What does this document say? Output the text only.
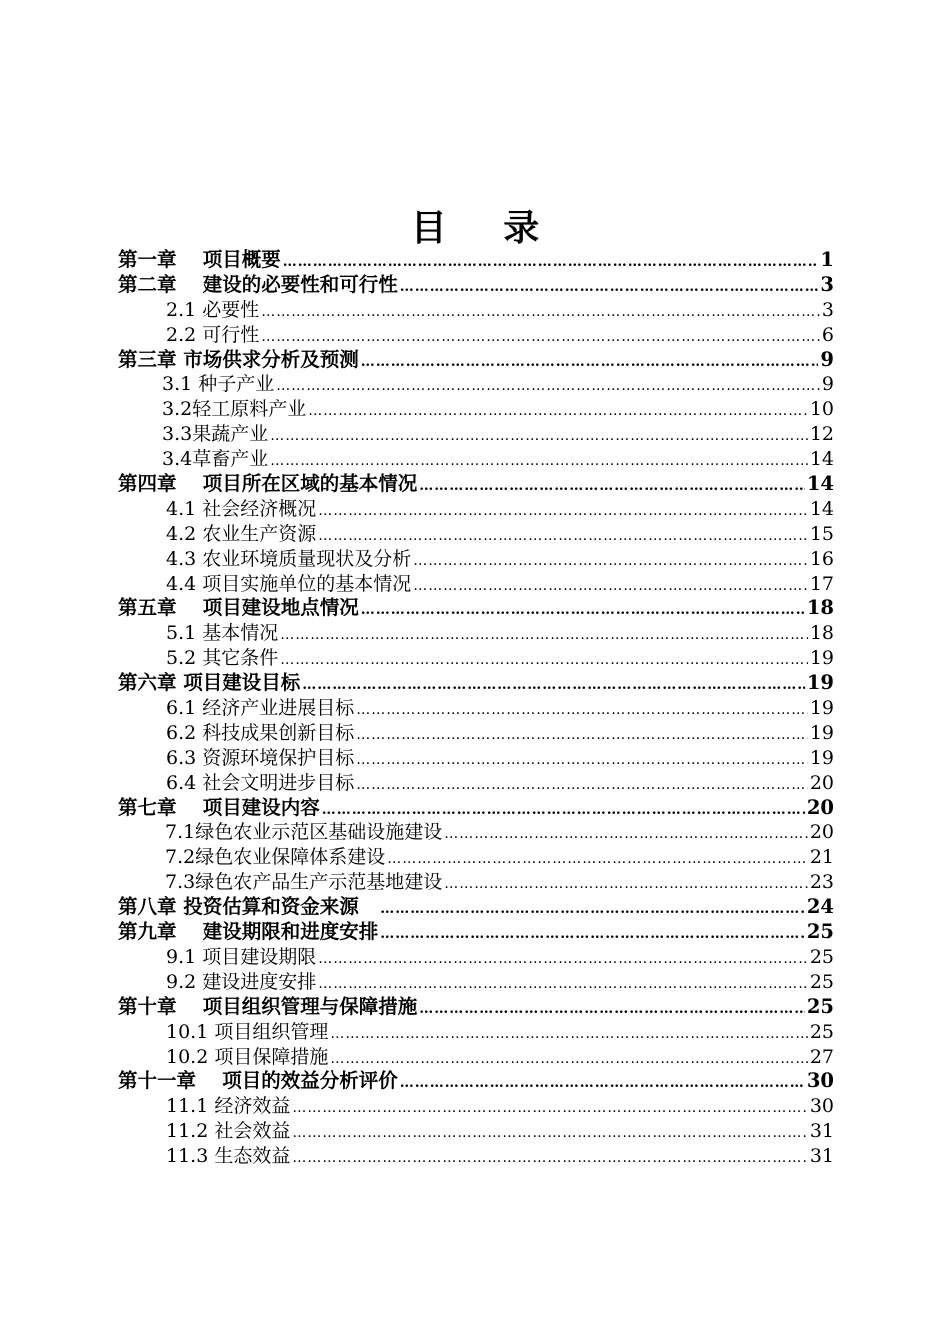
目 录
第一章　 项目概要 …………………………………………………………………………………………………………………………………………………………	1
第二章　 建设的必要性和可行性 …………………………………………………………………………………………………………………………………………………………	3
2.1 必要性 …………………………………………………………………………………………………………………………………………………………	3
2.2 可行性 …………………………………………………………………………………………………………………………………………………………	6
第三章 市场供求分析及预测 …………………………………………………………………………………………………………………………………………………………	9
3.1 种子产业 …………………………………………………………………………………………………………………………………………………………	9
3.2轻工原料产业 …………………………………………………………………………………………………………………………………………………………	10
3.3果蔬产业 …………………………………………………………………………………………………………………………………………………………	12
3.4草畜产业 …………………………………………………………………………………………………………………………………………………………	14
第四章　 项目所在区域的基本情况 …………………………………………………………………………………………………………………………………………………………	14
4.1 社会经济概况 …………………………………………………………………………………………………………………………………………………………	14
4.2 农业生产资源 …………………………………………………………………………………………………………………………………………………………	15
4.3 农业环境质量现状及分析 …………………………………………………………………………………………………………………………………………………………	16
4.4 项目实施单位的基本情况 …………………………………………………………………………………………………………………………………………………………	17
第五章　 项目建设地点情况 …………………………………………………………………………………………………………………………………………………………	18
5.1 基本情况 …………………………………………………………………………………………………………………………………………………………	18
5.2 其它条件 …………………………………………………………………………………………………………………………………………………………	19
第六章 项目建设目标 …………………………………………………………………………………………………………………………………………………………	19
6.1 经济产业进展目标 …………………………………………………………………………………………………………………………………………………………	19
6.2 科技成果创新目标 …………………………………………………………………………………………………………………………………………………………	19
6.3 资源环境保护目标 …………………………………………………………………………………………………………………………………………………………	19
6.4 社会文明进步目标 …………………………………………………………………………………………………………………………………………………………	20
第七章　 项目建设内容 …………………………………………………………………………………………………………………………………………………………	20
7.1绿色农业示范区基础设施建设 …………………………………………………………………………………………………………………………………………………………	20
7.2绿色农业保障体系建设 …………………………………………………………………………………………………………………………………………………………	21
7.3绿色农产品生产示范基地建设 …………………………………………………………………………………………………………………………………………………………	23
第八章 投资估算和资金来源　 …………………………………………………………………………………………………………………………………………………………	24
第九章　 建设期限和进度安排 …………………………………………………………………………………………………………………………………………………………	25
9.1 项目建设期限 …………………………………………………………………………………………………………………………………………………………	25
9.2 建设进度安排 …………………………………………………………………………………………………………………………………………………………	25
第十章　 项目组织管理与保障措施 …………………………………………………………………………………………………………………………………………………………	25
10.1 项目组织管理 …………………………………………………………………………………………………………………………………………………………	25
10.2 项目保障措施 …………………………………………………………………………………………………………………………………………………………	27
第十一章　 项目的效益分析评价 …………………………………………………………………………………………………………………………………………………………	30
11.1 经济效益 …………………………………………………………………………………………………………………………………………………………	30
11.2 社会效益 …………………………………………………………………………………………………………………………………………………………	31
11.3 生态效益 …………………………………………………………………………………………………………………………………………………………	31
